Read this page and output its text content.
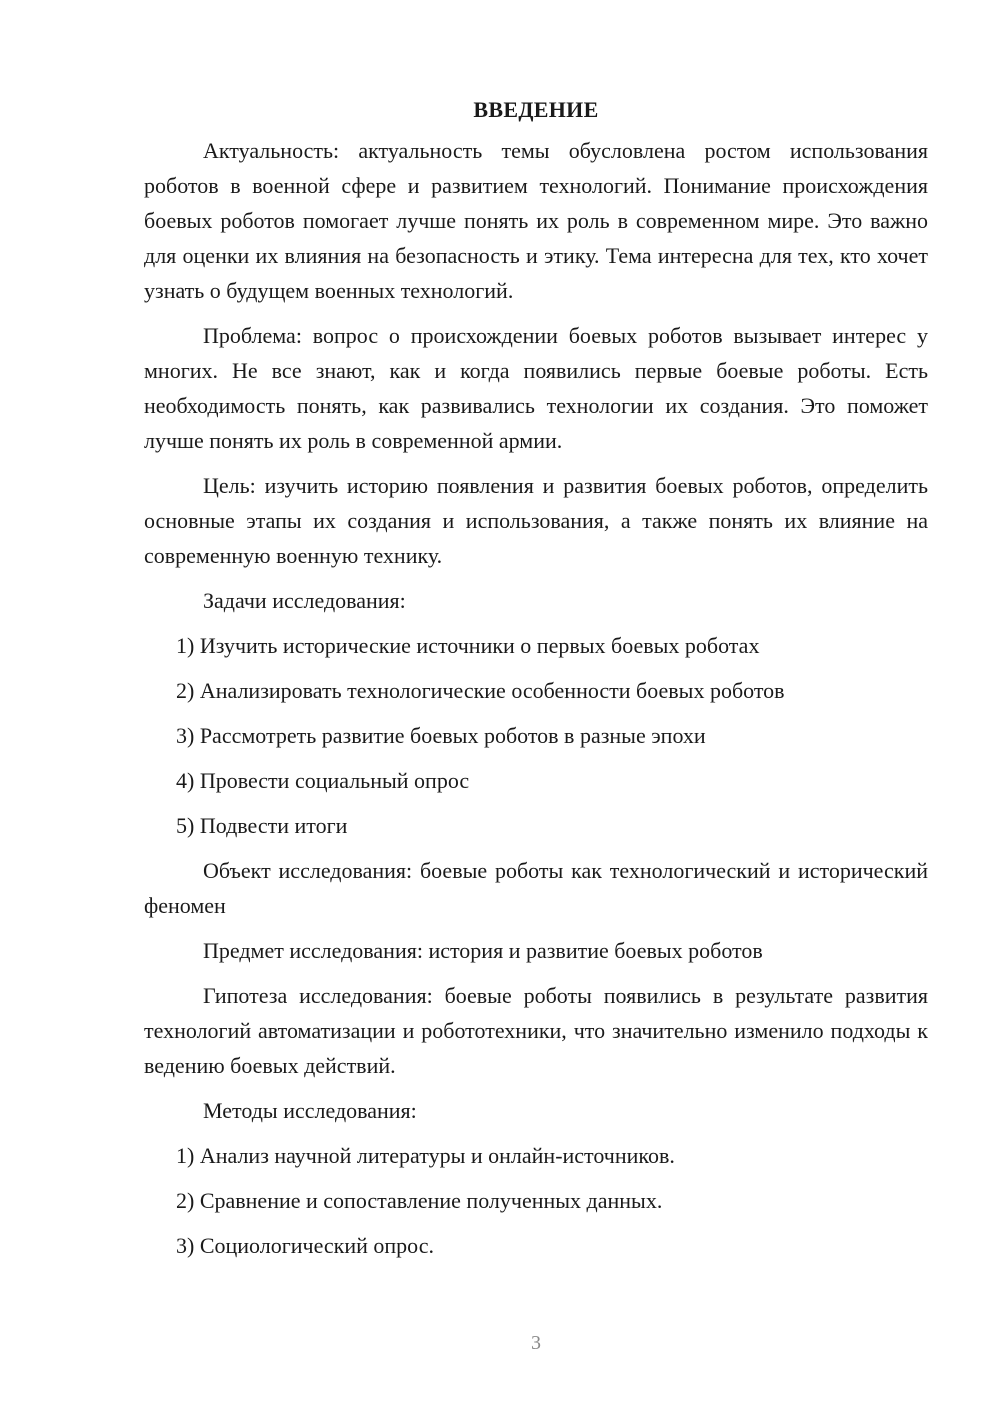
ВВЕДЕНИЕ

Актуальность: актуальность темы обусловлена ростом использования роботов в военной сфере и развитием технологий. Понимание происхождения боевых роботов помогает лучше понять их роль в современном мире. Это важно для оценки их влияния на безопасность и этику. Тема интересна для тех, кто хочет узнать о будущем военных технологий.

Проблема: вопрос о происхождении боевых роботов вызывает интерес у многих. Не все знают, как и когда появились первые боевые роботы. Есть необходимость понять, как развивались технологии их создания. Это поможет лучше понять их роль в современной армии.

Цель: изучить историю появления и развития боевых роботов, определить основные этапы их создания и использования, а также понять их влияние на современную военную технику.

Задачи исследования:

1) Изучить исторические источники о первых боевых роботах
2) Анализировать технологические особенности боевых роботов
3) Рассмотреть развитие боевых роботов в разные эпохи
4) Провести социальный опрос
5) Подвести итоги

Объект исследования: боевые роботы как технологический и исторический феномен

Предмет исследования: история и развитие боевых роботов

Гипотеза исследования: боевые роботы появились в результате развития технологий автоматизации и робототехники, что значительно изменило подходы к ведению боевых действий.

Методы исследования:

1) Анализ научной литературы и онлайн-источников.
2) Сравнение и сопоставление полученных данных.
3) Социологический опрос.
3
